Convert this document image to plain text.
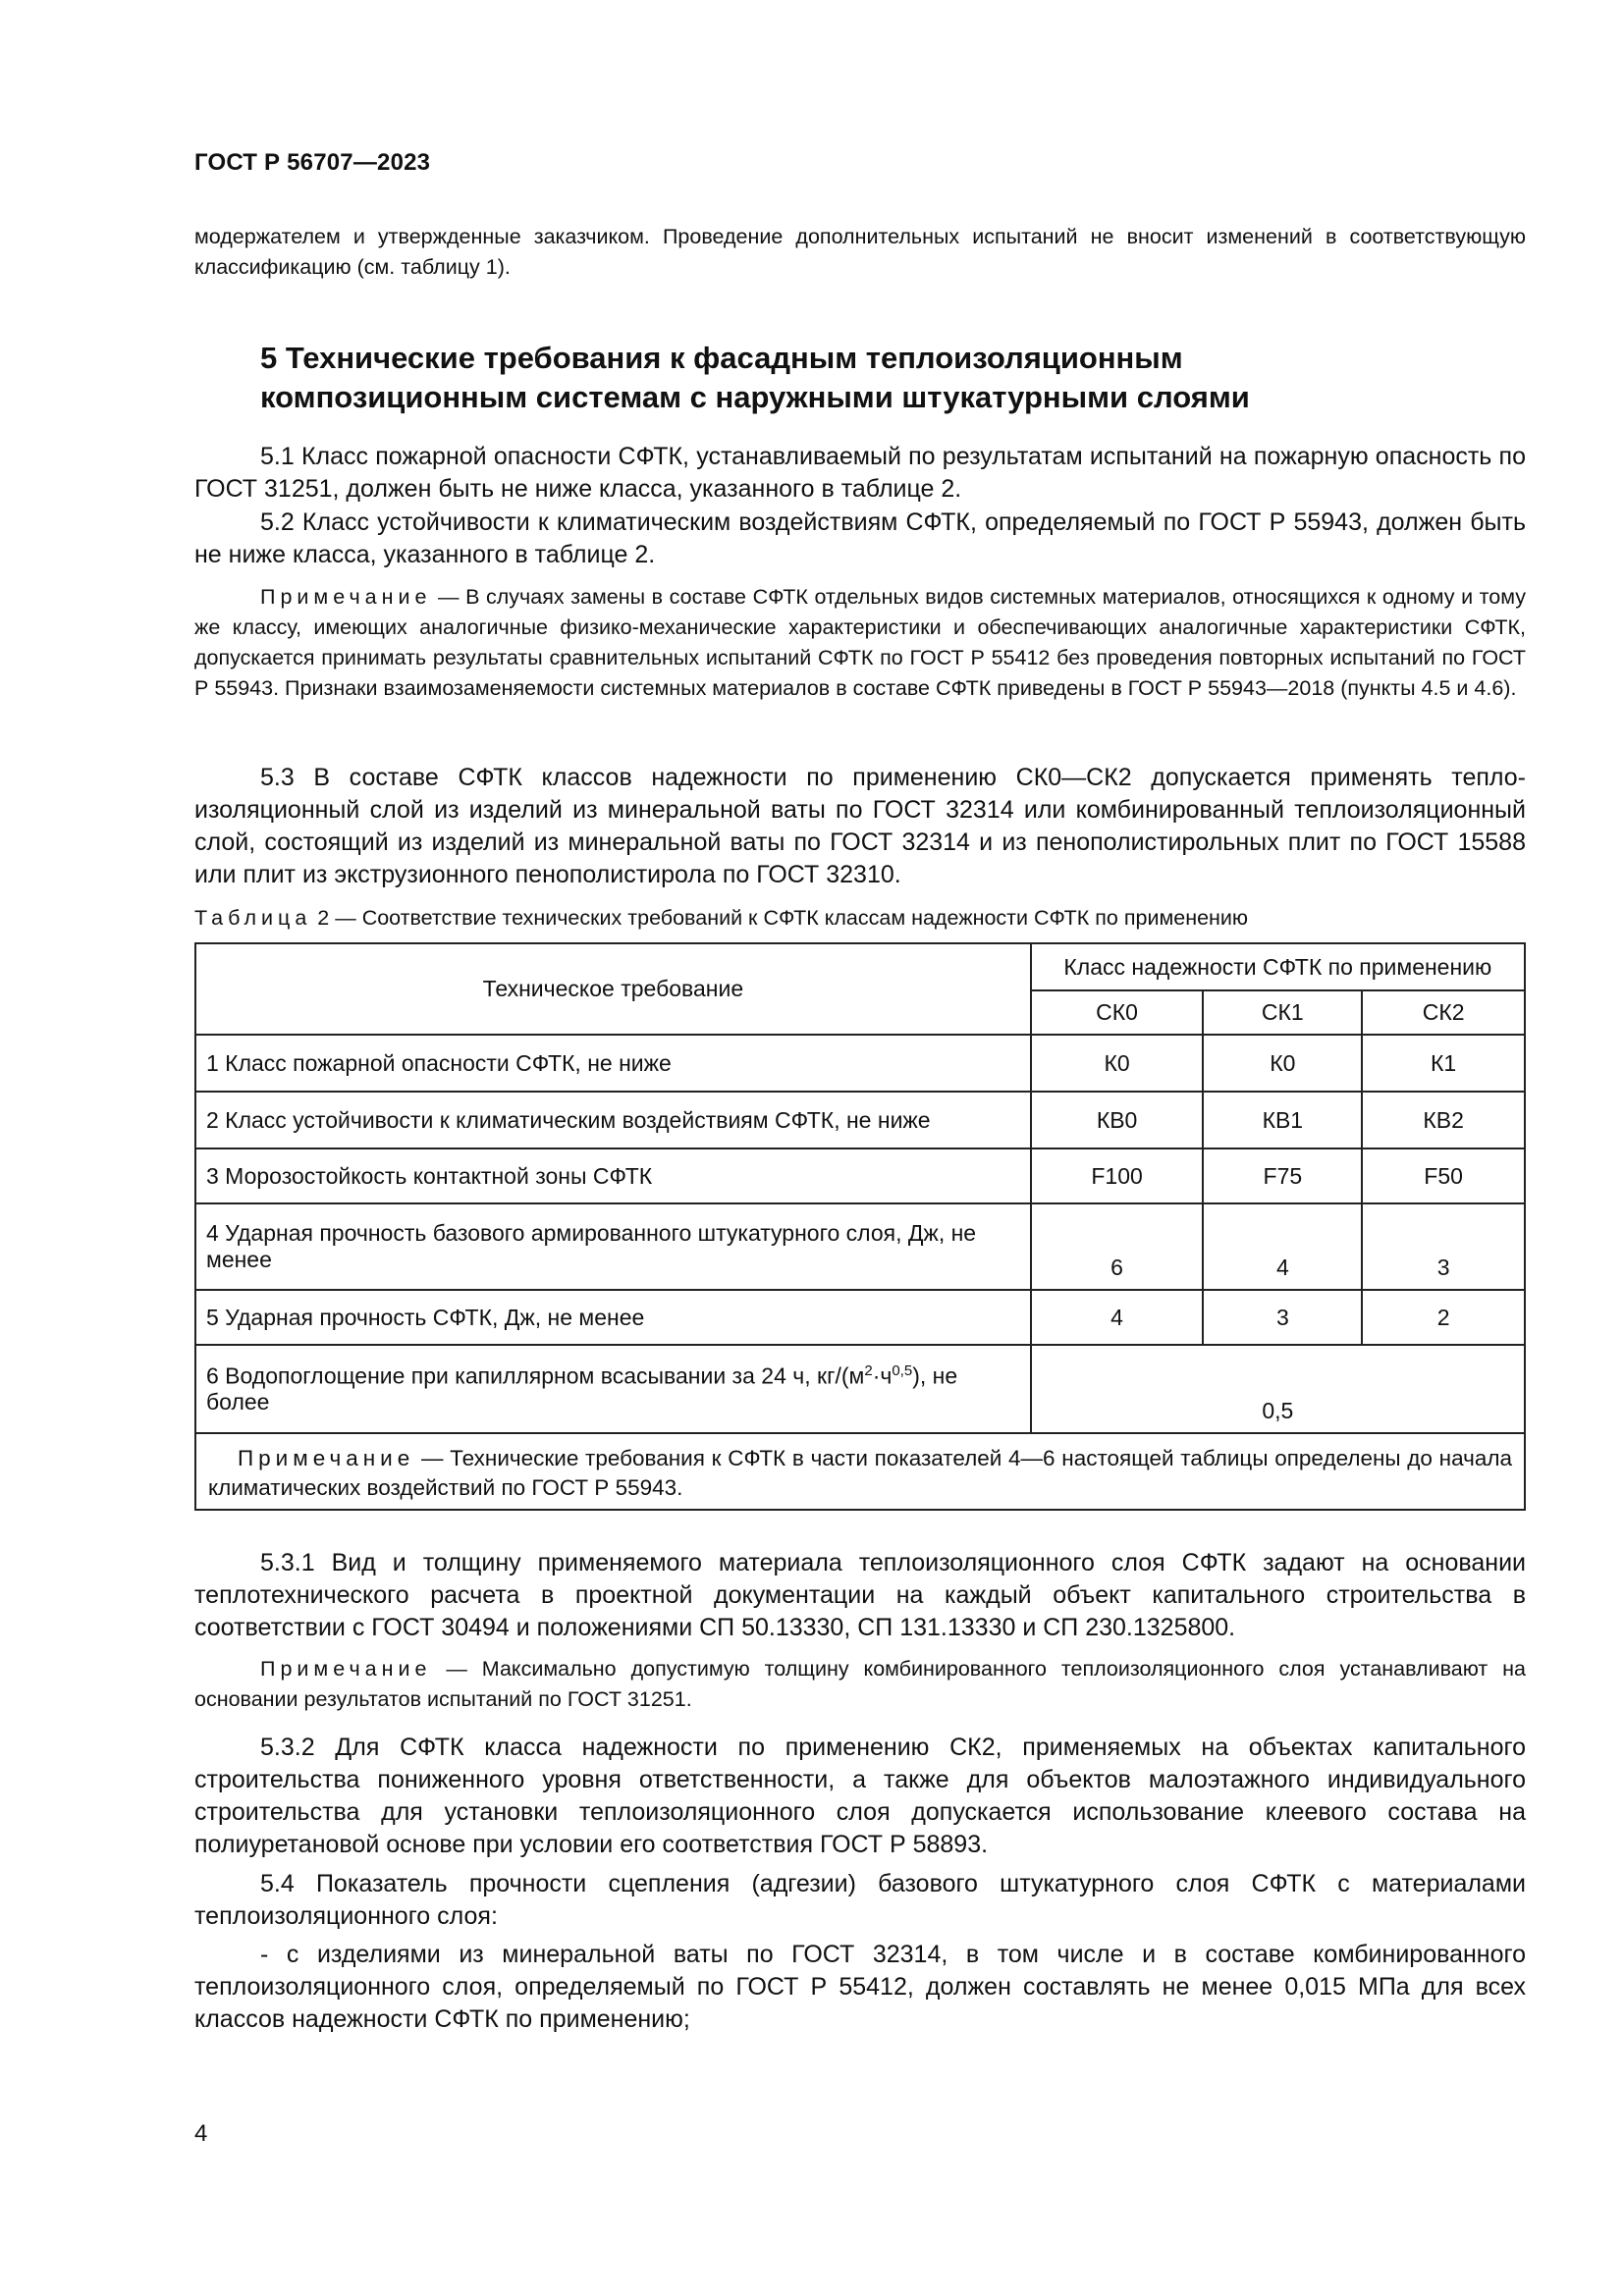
ГОСТ Р 56707—2023

модержателем и утвержденные заказчиком. Проведение дополнительных испытаний не вносит изменений в соответствующую классификацию (см. таблицу 1).

5 Технические требования к фасадным теплоизоляционным
композиционным системам с наружными штукатурными слоями

5.1 Класс пожарной опасности СФТК, устанавливаемый по результатам испытаний на пожарную опасность по ГОСТ 31251, должен быть не ниже класса, указанного в таблице 2.

5.2 Класс устойчивости к климатическим воздействиям СФТК, определяемый по ГОСТ Р 55943, должен быть не ниже класса, указанного в таблице 2.

Примечание — В случаях замены в составе СФТК отдельных видов системных материалов, относящихся к одному и тому же классу, имеющих аналогичные физико-механические характеристики и обеспечивающих аналогичные характеристики СФТК, допускается принимать результаты сравнительных испытаний СФТК по ГОСТ Р 55412 без проведения повторных испытаний по ГОСТ Р 55943. Признаки взаимозаменяемости системных материалов в составе СФТК приведены в ГОСТ Р 55943—2018 (пункты 4.5 и 4.6).

5.3 В составе СФТК классов надежности по применению СК0—СК2 допускается применять теплоизоляционный слой из изделий из минеральной ваты по ГОСТ 32314 или комбинированный теплоизоляционный слой, состоящий из изделий из минеральной ваты по ГОСТ 32314 и из пенополистирольных плит по ГОСТ 15588 или плит из экструзионного пенополистирола по ГОСТ 32310.

Таблица 2 — Соответствие технических требований к СФТК классам надежности СФТК по применению
Техническое требование	Класс надежности СФТК по применению		
	СК0	СК1	СК2
1 Класс пожарной опасности СФТК, не ниже	К0	К0	К1
2 Класс устойчивости к климатическим воздействиям СФТК, не ниже	КВ0	КВ1	КВ2
3 Морозостойкость контактной зоны СФТК	F100	F75	F50
4 Ударная прочность базового армированного штукатурного слоя, Дж, не менее	6	4	3
5 Ударная прочность СФТК, Дж, не менее	4	3	2
6 Водопоглощение при капиллярном всасывании за 24 ч, $кг/(м^2\cdot ч^{0,5})$, не более	0,5		
Примечание — Технические требования к СФТК в части показателей 4—6 настоящей таблицы определены до начала климатических воздействий по ГОСТ Р 55943.			

5.3.1 Вид и толщину применяемого материала теплоизоляционного слоя СФТК задают на основании теплотехнического расчета в проектной документации на каждый объект капитального строительства в соответствии с ГОСТ 30494 и положениями СП 50.13330, СП 131.13330 и СП 230.1325800.

Примечание — Максимально допустимую толщину комбинированного теплоизоляционного слоя устанавливают на основании результатов испытаний по ГОСТ 31251.

5.3.2 Для СФТК класса надежности по применению СК2, применяемых на объектах капитального строительства пониженного уровня ответственности, а также для объектов малоэтажного индивидуального строительства для установки теплоизоляционного слоя допускается использование клеевого состава на полиуретановой основе при условии его соответствия ГОСТ Р 58893.

5.4 Показатель прочности сцепления (адгезии) базового штукатурного слоя СФТК с материалами теплоизоляционного слоя:

- с изделиями из минеральной ваты по ГОСТ 32314, в том числе и в составе комбинированного теплоизоляционного слоя, определяемый по ГОСТ Р 55412, должен составлять не менее 0,015 МПа для всех классов надежности СФТК по применению;

4
